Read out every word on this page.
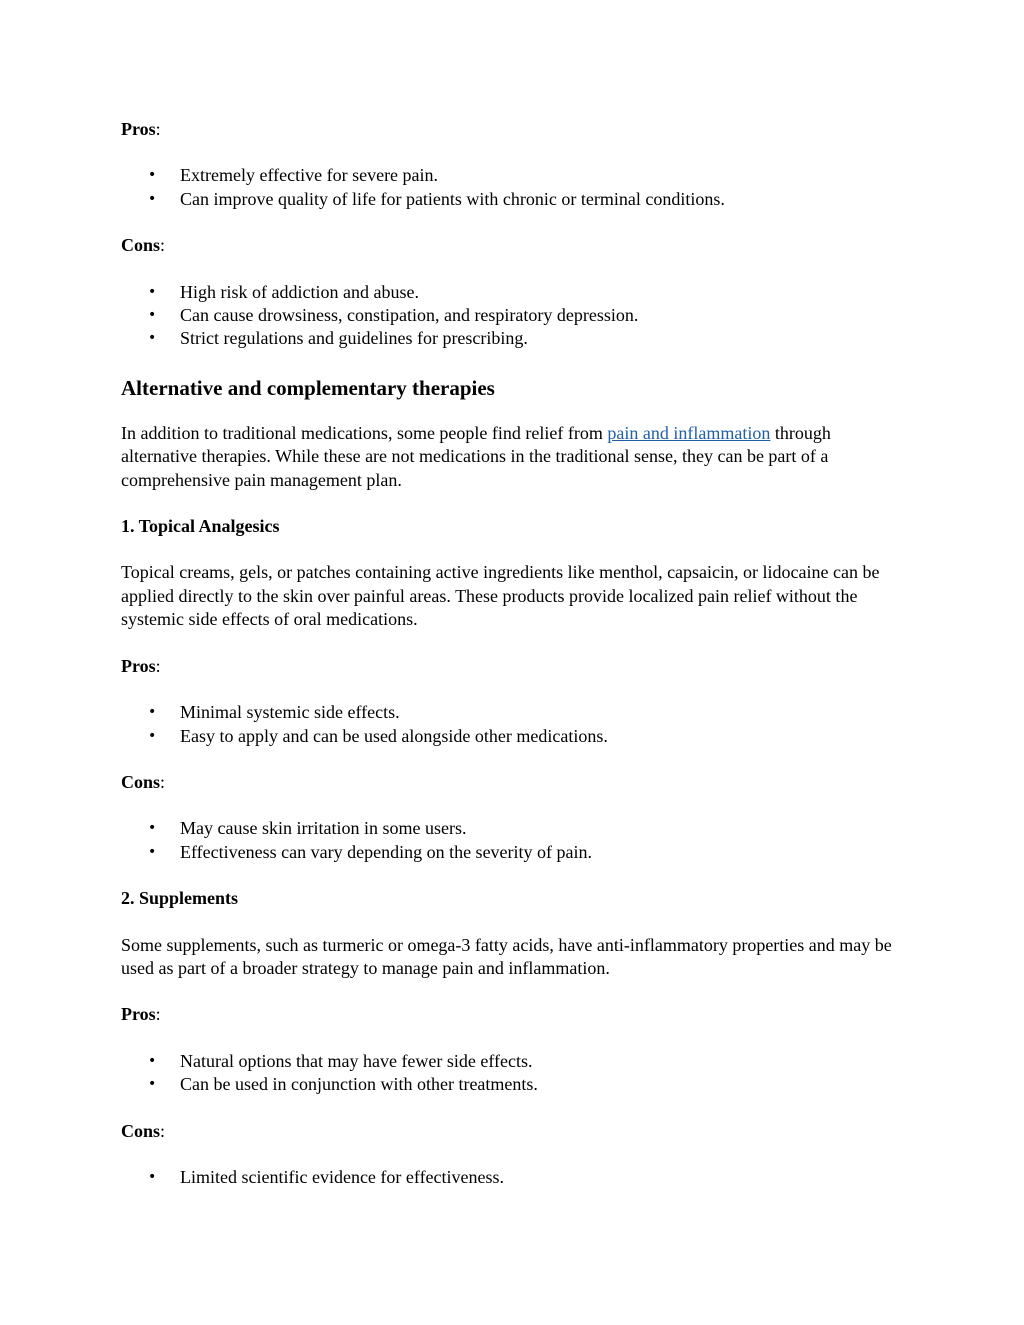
Pros:

• Extremely effective for severe pain.
• Can improve quality of life for patients with chronic or terminal conditions.

Cons:

• High risk of addiction and abuse.
• Can cause drowsiness, constipation, and respiratory depression.
• Strict regulations and guidelines for prescribing.
Alternative and complementary therapies

In addition to traditional medications, some people find relief from pain and inflammation through alternative therapies. While these are not medications in the traditional sense, they can be part of a comprehensive pain management plan.

1. Topical Analgesics

Topical creams, gels, or patches containing active ingredients like menthol, capsaicin, or lidocaine can be applied directly to the skin over painful areas. These products provide localized pain relief without the systemic side effects of oral medications.

Pros:

• Minimal systemic side effects.
• Easy to apply and can be used alongside other medications.

Cons:

• May cause skin irritation in some users.
• Effectiveness can vary depending on the severity of pain.
2. Supplements

Some supplements, such as turmeric or omega-3 fatty acids, have anti-inflammatory properties and may be used as part of a broader strategy to manage pain and inflammation.

Pros:

• Natural options that may have fewer side effects.
• Can be used in conjunction with other treatments.

Cons:

• Limited scientific evidence for effectiveness.
